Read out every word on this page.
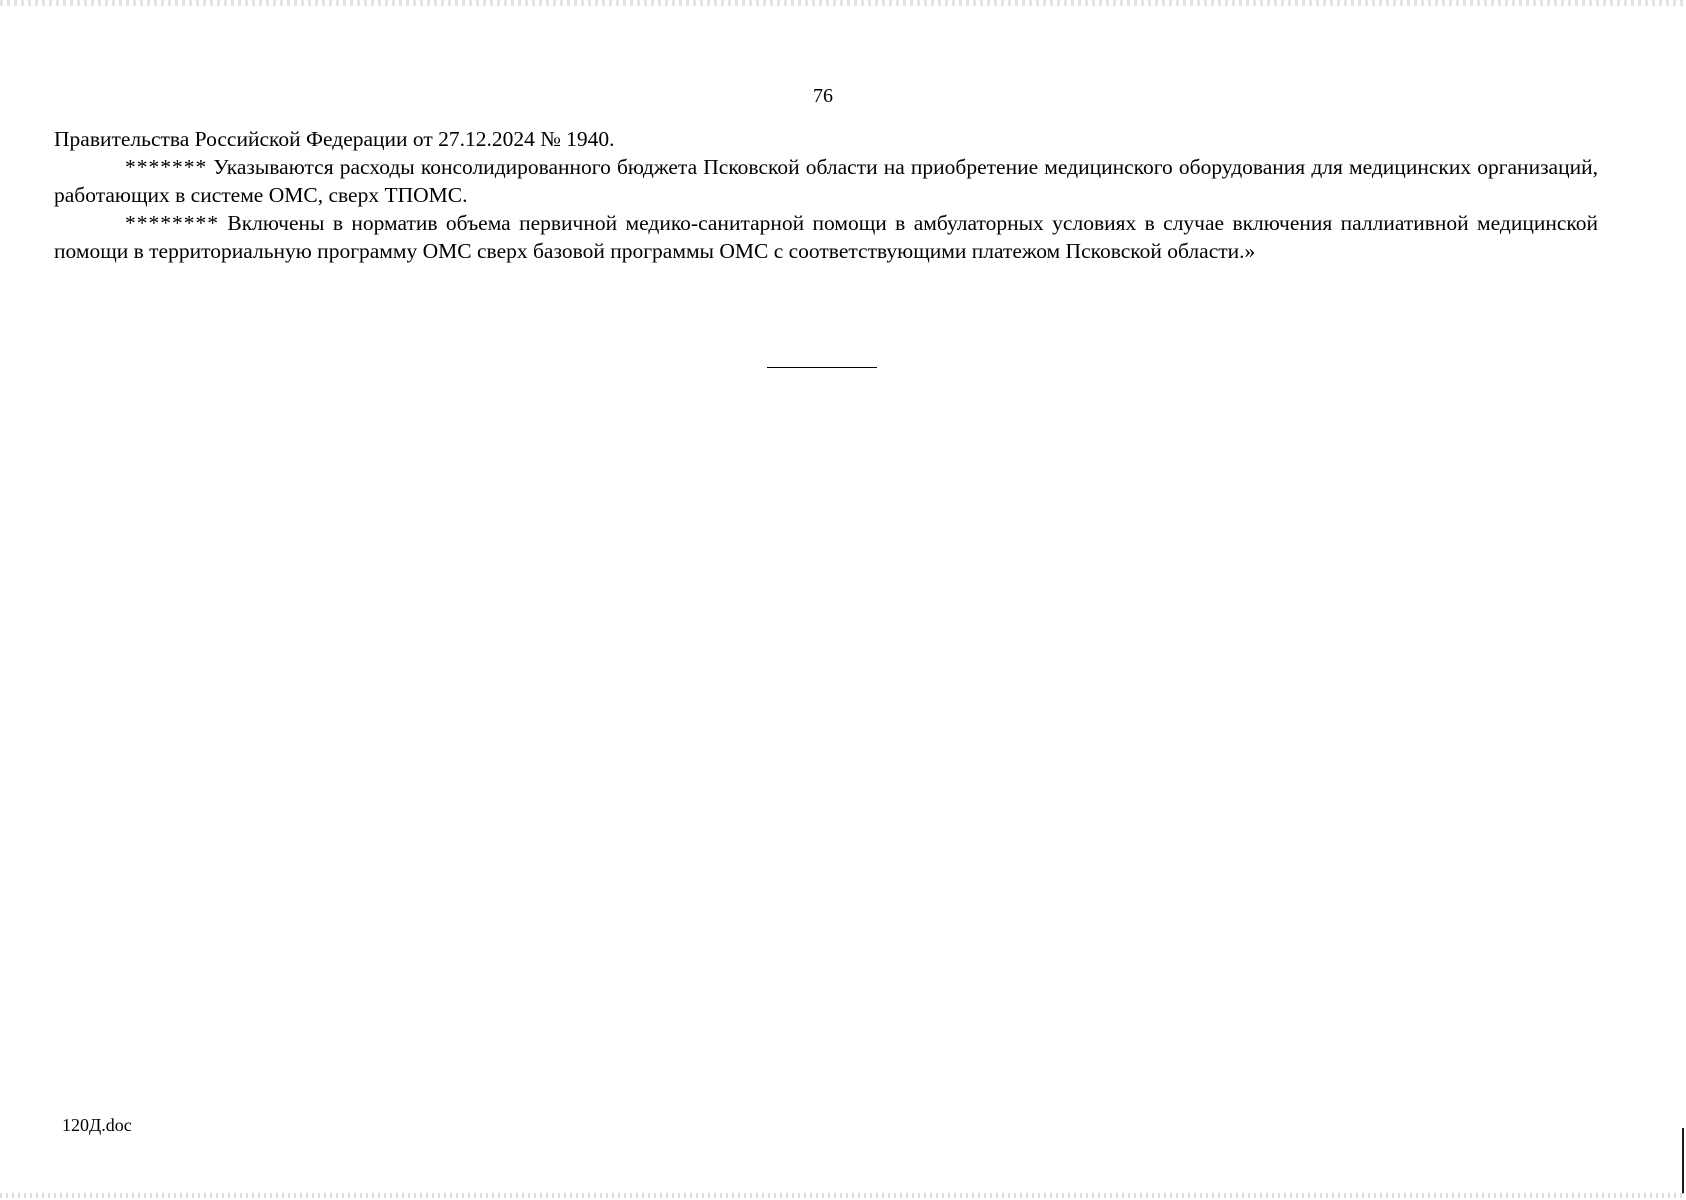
76

Правительства Российской Федерации от 27.12.2024 № 1940.

******* Указываются расходы консолидированного бюджета Псковской области на приобретение медицинского оборудования для медицинских организаций, работающих в системе ОМС, сверх ТПОМС.

******** Включены в норматив объема первичной медико-санитарной помощи в амбулаторных условиях в случае включения паллиативной медицинской помощи в территориальную программу ОМС сверх базовой программы ОМС с соответствующими платежом Псковской области.»

120Д.doc
